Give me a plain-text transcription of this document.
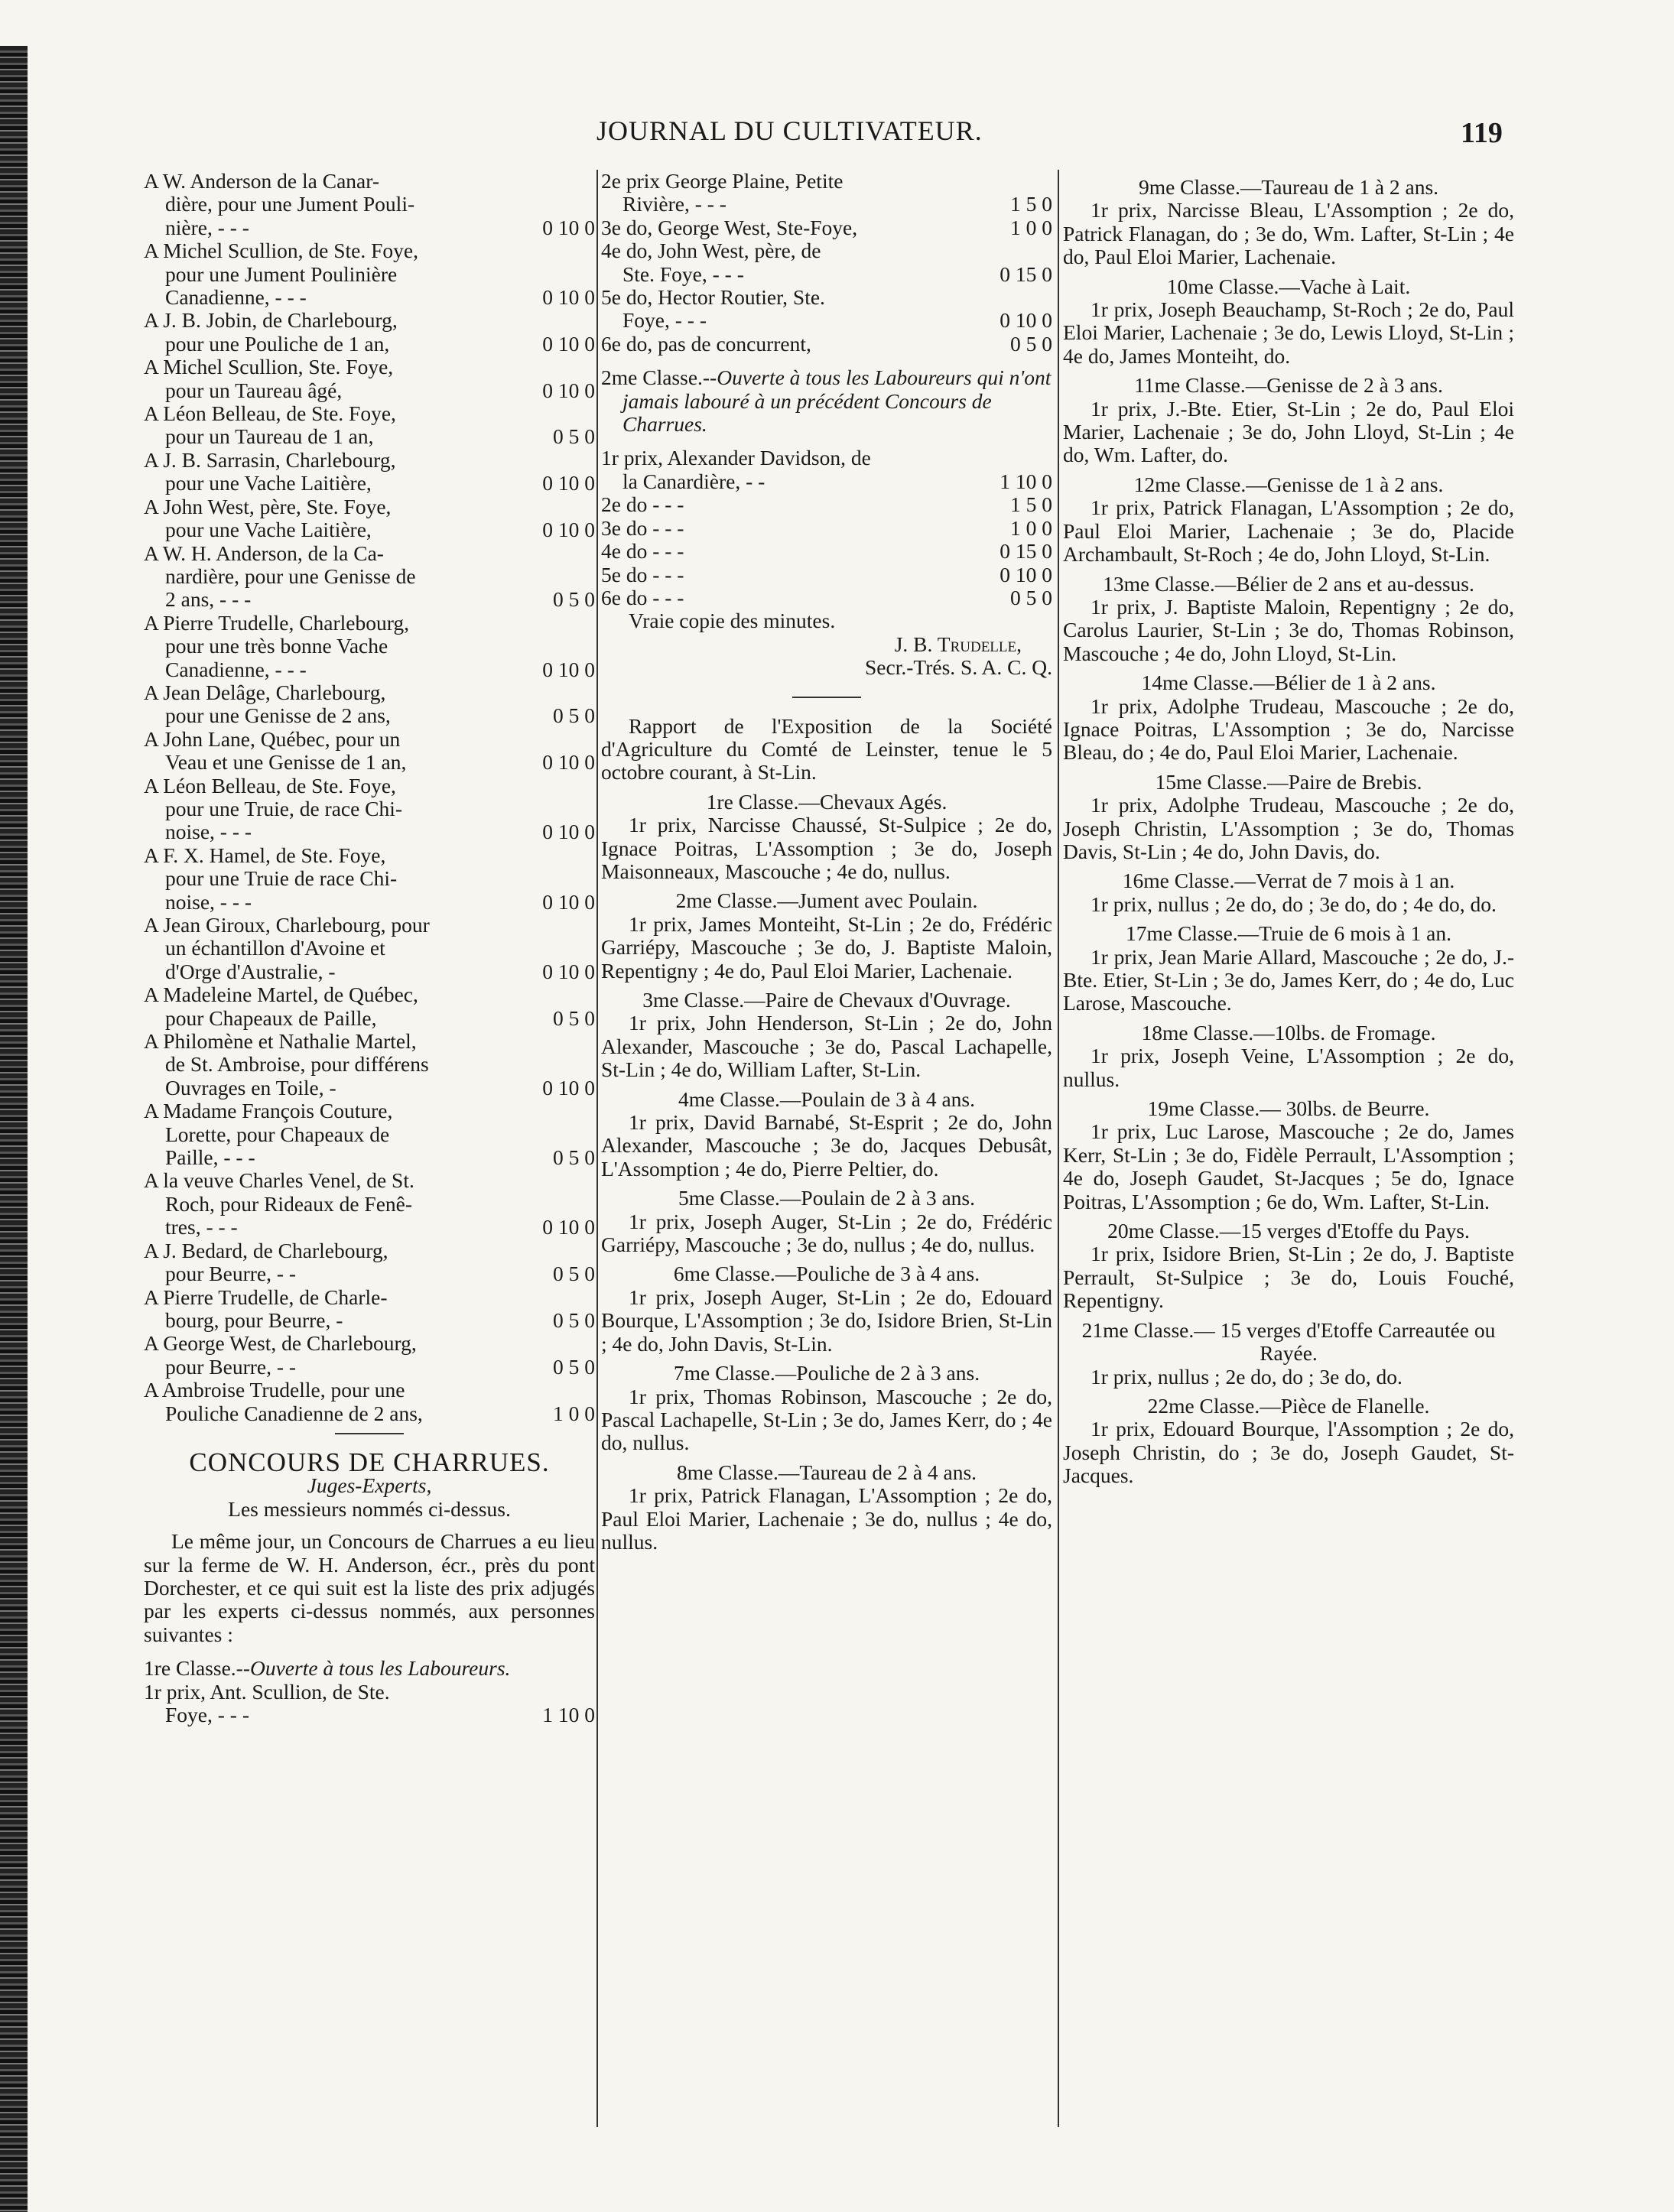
JOURNAL DU CULTIVATEUR.	119
A W. Anderson de la Canar-
dière, pour une Jument Pouli-
nière, - - -	0 10 0
A Michel Scullion, de Ste. Foye,
pour une Jument Poulinière
Canadienne, - - -	0 10 0
A J. B. Jobin, de Charlebourg,
pour une Pouliche de 1 an,	0 10 0
A Michel Scullion, Ste. Foye,
pour un Taureau âgé,	0 10 0
A Léon Belleau, de Ste. Foye,
pour un Taureau de 1 an,	0 5 0
A J. B. Sarrasin, Charlebourg,
pour une Vache Laitière,	0 10 0
A John West, père, Ste. Foye,
pour une Vache Laitière,	0 10 0
A W. H. Anderson, de la Ca-
nardière, pour une Genisse de
2 ans, - - -	0 5 0
A Pierre Trudelle, Charlebourg,
pour une très bonne Vache
Canadienne, - - -	0 10 0
A Jean Delâge, Charlebourg,
pour une Genisse de 2 ans,	0 5 0
A John Lane, Québec, pour un
Veau et une Genisse de 1 an,	0 10 0
A Léon Belleau, de Ste. Foye,
pour une Truie, de race Chi-
noise, - - -	0 10 0
A F. X. Hamel, de Ste. Foye,
pour une Truie de race Chi-
noise, - - -	0 10 0
A Jean Giroux, Charlebourg, pour
un échantillon d'Avoine et
d'Orge d'Australie, -	0 10 0
A Madeleine Martel, de Québec,
pour Chapeaux de Paille,	0 5 0
A Philomène et Nathalie Martel,
de St. Ambroise, pour différens
Ouvrages en Toile, -	0 10 0
A Madame François Couture,
Lorette, pour Chapeaux de
Paille, - - -	0 5 0
A la veuve Charles Venel, de St.
Roch, pour Rideaux de Fenê-
tres, - - -	0 10 0
A J. Bedard, de Charlebourg,
pour Beurre, - -	0 5 0
A Pierre Trudelle, de Charle-
bourg, pour Beurre, -	0 5 0
A George West, de Charlebourg,
pour Beurre, - -	0 5 0
A Ambroise Trudelle, pour une
Pouliche Canadienne de 2 ans,	1 0 0
CONCOURS DE CHARRUES.
Juges-Experts,
Les messieurs nommés ci-dessus.

Le même jour, un Concours de Charrues a eu lieu sur la ferme de W. H. Anderson, écr., près du pont Dorchester, et ce qui suit est la liste des prix adjugés par les experts ci-dessus nommés, aux personnes suivantes :

1re Classe.--Ouverte à tous les Laboureurs.
1r prix, Ant. Scullion, de Ste.
Foye, - - -	1 10 0
2e prix George Plaine, Petite
Rivière, - - -	1 5 0
3e do, George West, Ste-Foye,	1 0 0
4e do, John West, père, de
Ste. Foye, - - -	0 15 0
5e do, Hector Routier, Ste.
Foye, - - -	0 10 0
6e do, pas de concurrent,	0 5 0
2me Classe.--Ouverte à tous les Laboureurs qui n'ont jamais labouré à un précédent Concours de Charrues.
1r prix, Alexander Davidson, de
la Canardière, - -	1 10 0
2e do - - -	1 5 0
3e do - - -	1 0 0
4e do - - -	0 15 0
5e do - - -	0 10 0
6e do - - -	0 5 0
Vraie copie des minutes.
J. B. Trudelle,
Secr.-Trés. S. A. C. Q.

Rapport de l'Exposition de la Société d'Agriculture du Comté de Leinster, tenue le 5 octobre courant, à St-Lin.

1re Classe.—Chevaux Agés.

1r prix, Narcisse Chaussé, St-Sulpice ; 2e do, Ignace Poitras, L'Assomption ; 3e do, Joseph Maisonneaux, Mascouche ; 4e do, nullus.

2me Classe.—Jument avec Poulain.

1r prix, James Monteiht, St-Lin ; 2e do, Frédéric Garriépy, Mascouche ; 3e do, J. Baptiste Maloin, Repentigny ; 4e do, Paul Eloi Marier, Lachenaie.

3me Classe.—Paire de Chevaux d'Ouvrage.

1r prix, John Henderson, St-Lin ; 2e do, John Alexander, Mascouche ; 3e do, Pascal Lachapelle, St-Lin ; 4e do, William Lafter, St-Lin.

4me Classe.—Poulain de 3 à 4 ans.

1r prix, David Barnabé, St-Esprit ; 2e do, John Alexander, Mascouche ; 3e do, Jacques Debusât, L'Assomption ; 4e do, Pierre Peltier, do.

5me Classe.—Poulain de 2 à 3 ans.

1r prix, Joseph Auger, St-Lin ; 2e do, Frédéric Garriépy, Mascouche ; 3e do, nullus ; 4e do, nullus.

6me Classe.—Pouliche de 3 à 4 ans.

1r prix, Joseph Auger, St-Lin ; 2e do, Edouard Bourque, L'Assomption ; 3e do, Isidore Brien, St-Lin ; 4e do, John Davis, St-Lin.

7me Classe.—Pouliche de 2 à 3 ans.

1r prix, Thomas Robinson, Mascouche ; 2e do, Pascal Lachapelle, St-Lin ; 3e do, James Kerr, do ; 4e do, nullus.

8me Classe.—Taureau de 2 à 4 ans.

1r prix, Patrick Flanagan, L'Assomption ; 2e do, Paul Eloi Marier, Lachenaie ; 3e do, nullus ; 4e do, nullus.

9me Classe.—Taureau de 1 à 2 ans.

1r prix, Narcisse Bleau, L'Assomption ; 2e do, Patrick Flanagan, do ; 3e do, Wm. Lafter, St-Lin ; 4e do, Paul Eloi Marier, Lachenaie.

10me Classe.—Vache à Lait.

1r prix, Joseph Beauchamp, St-Roch ; 2e do, Paul Eloi Marier, Lachenaie ; 3e do, Lewis Lloyd, St-Lin ; 4e do, James Monteiht, do.

11me Classe.—Genisse de 2 à 3 ans.

1r prix, J.-Bte. Etier, St-Lin ; 2e do, Paul Eloi Marier, Lachenaie ; 3e do, John Lloyd, St-Lin ; 4e do, Wm. Lafter, do.

12me Classe.—Genisse de 1 à 2 ans.

1r prix, Patrick Flanagan, L'Assomption ; 2e do, Paul Eloi Marier, Lachenaie ; 3e do, Placide Archambault, St-Roch ; 4e do, John Lloyd, St-Lin.

13me Classe.—Bélier de 2 ans et au-dessus.

1r prix, J. Baptiste Maloin, Repentigny ; 2e do, Carolus Laurier, St-Lin ; 3e do, Thomas Robinson, Mascouche ; 4e do, John Lloyd, St-Lin.

14me Classe.—Bélier de 1 à 2 ans.

1r prix, Adolphe Trudeau, Mascouche ; 2e do, Ignace Poitras, L'Assomption ; 3e do, Narcisse Bleau, do ; 4e do, Paul Eloi Marier, Lachenaie.

15me Classe.—Paire de Brebis.

1r prix, Adolphe Trudeau, Mascouche ; 2e do, Joseph Christin, L'Assomption ; 3e do, Thomas Davis, St-Lin ; 4e do, John Davis, do.

16me Classe.—Verrat de 7 mois à 1 an.

1r prix, nullus ; 2e do, do ; 3e do, do ; 4e do, do.

17me Classe.—Truie de 6 mois à 1 an.

1r prix, Jean Marie Allard, Mascouche ; 2e do, J.-Bte. Etier, St-Lin ; 3e do, James Kerr, do ; 4e do, Luc Larose, Mascouche.

18me Classe.—10lbs. de Fromage.

1r prix, Joseph Veine, L'Assomption ; 2e do, nullus.

19me Classe.— 30lbs. de Beurre.

1r prix, Luc Larose, Mascouche ; 2e do, James Kerr, St-Lin ; 3e do, Fidèle Perrault, L'Assomption ; 4e do, Joseph Gaudet, St-Jacques ; 5e do, Ignace Poitras, L'Assomption ; 6e do, Wm. Lafter, St-Lin.

20me Classe.—15 verges d'Etoffe du Pays.

1r prix, Isidore Brien, St-Lin ; 2e do, J. Baptiste Perrault, St-Sulpice ; 3e do, Louis Fouché, Repentigny.

21me Classe.— 15 verges d'Etoffe Carreautée ou Rayée.

1r prix, nullus ; 2e do, do ; 3e do, do.

22me Classe.—Pièce de Flanelle.

1r prix, Edouard Bourque, l'Assomption ; 2e do, Joseph Christin, do ; 3e do, Joseph Gaudet, St-Jacques.
